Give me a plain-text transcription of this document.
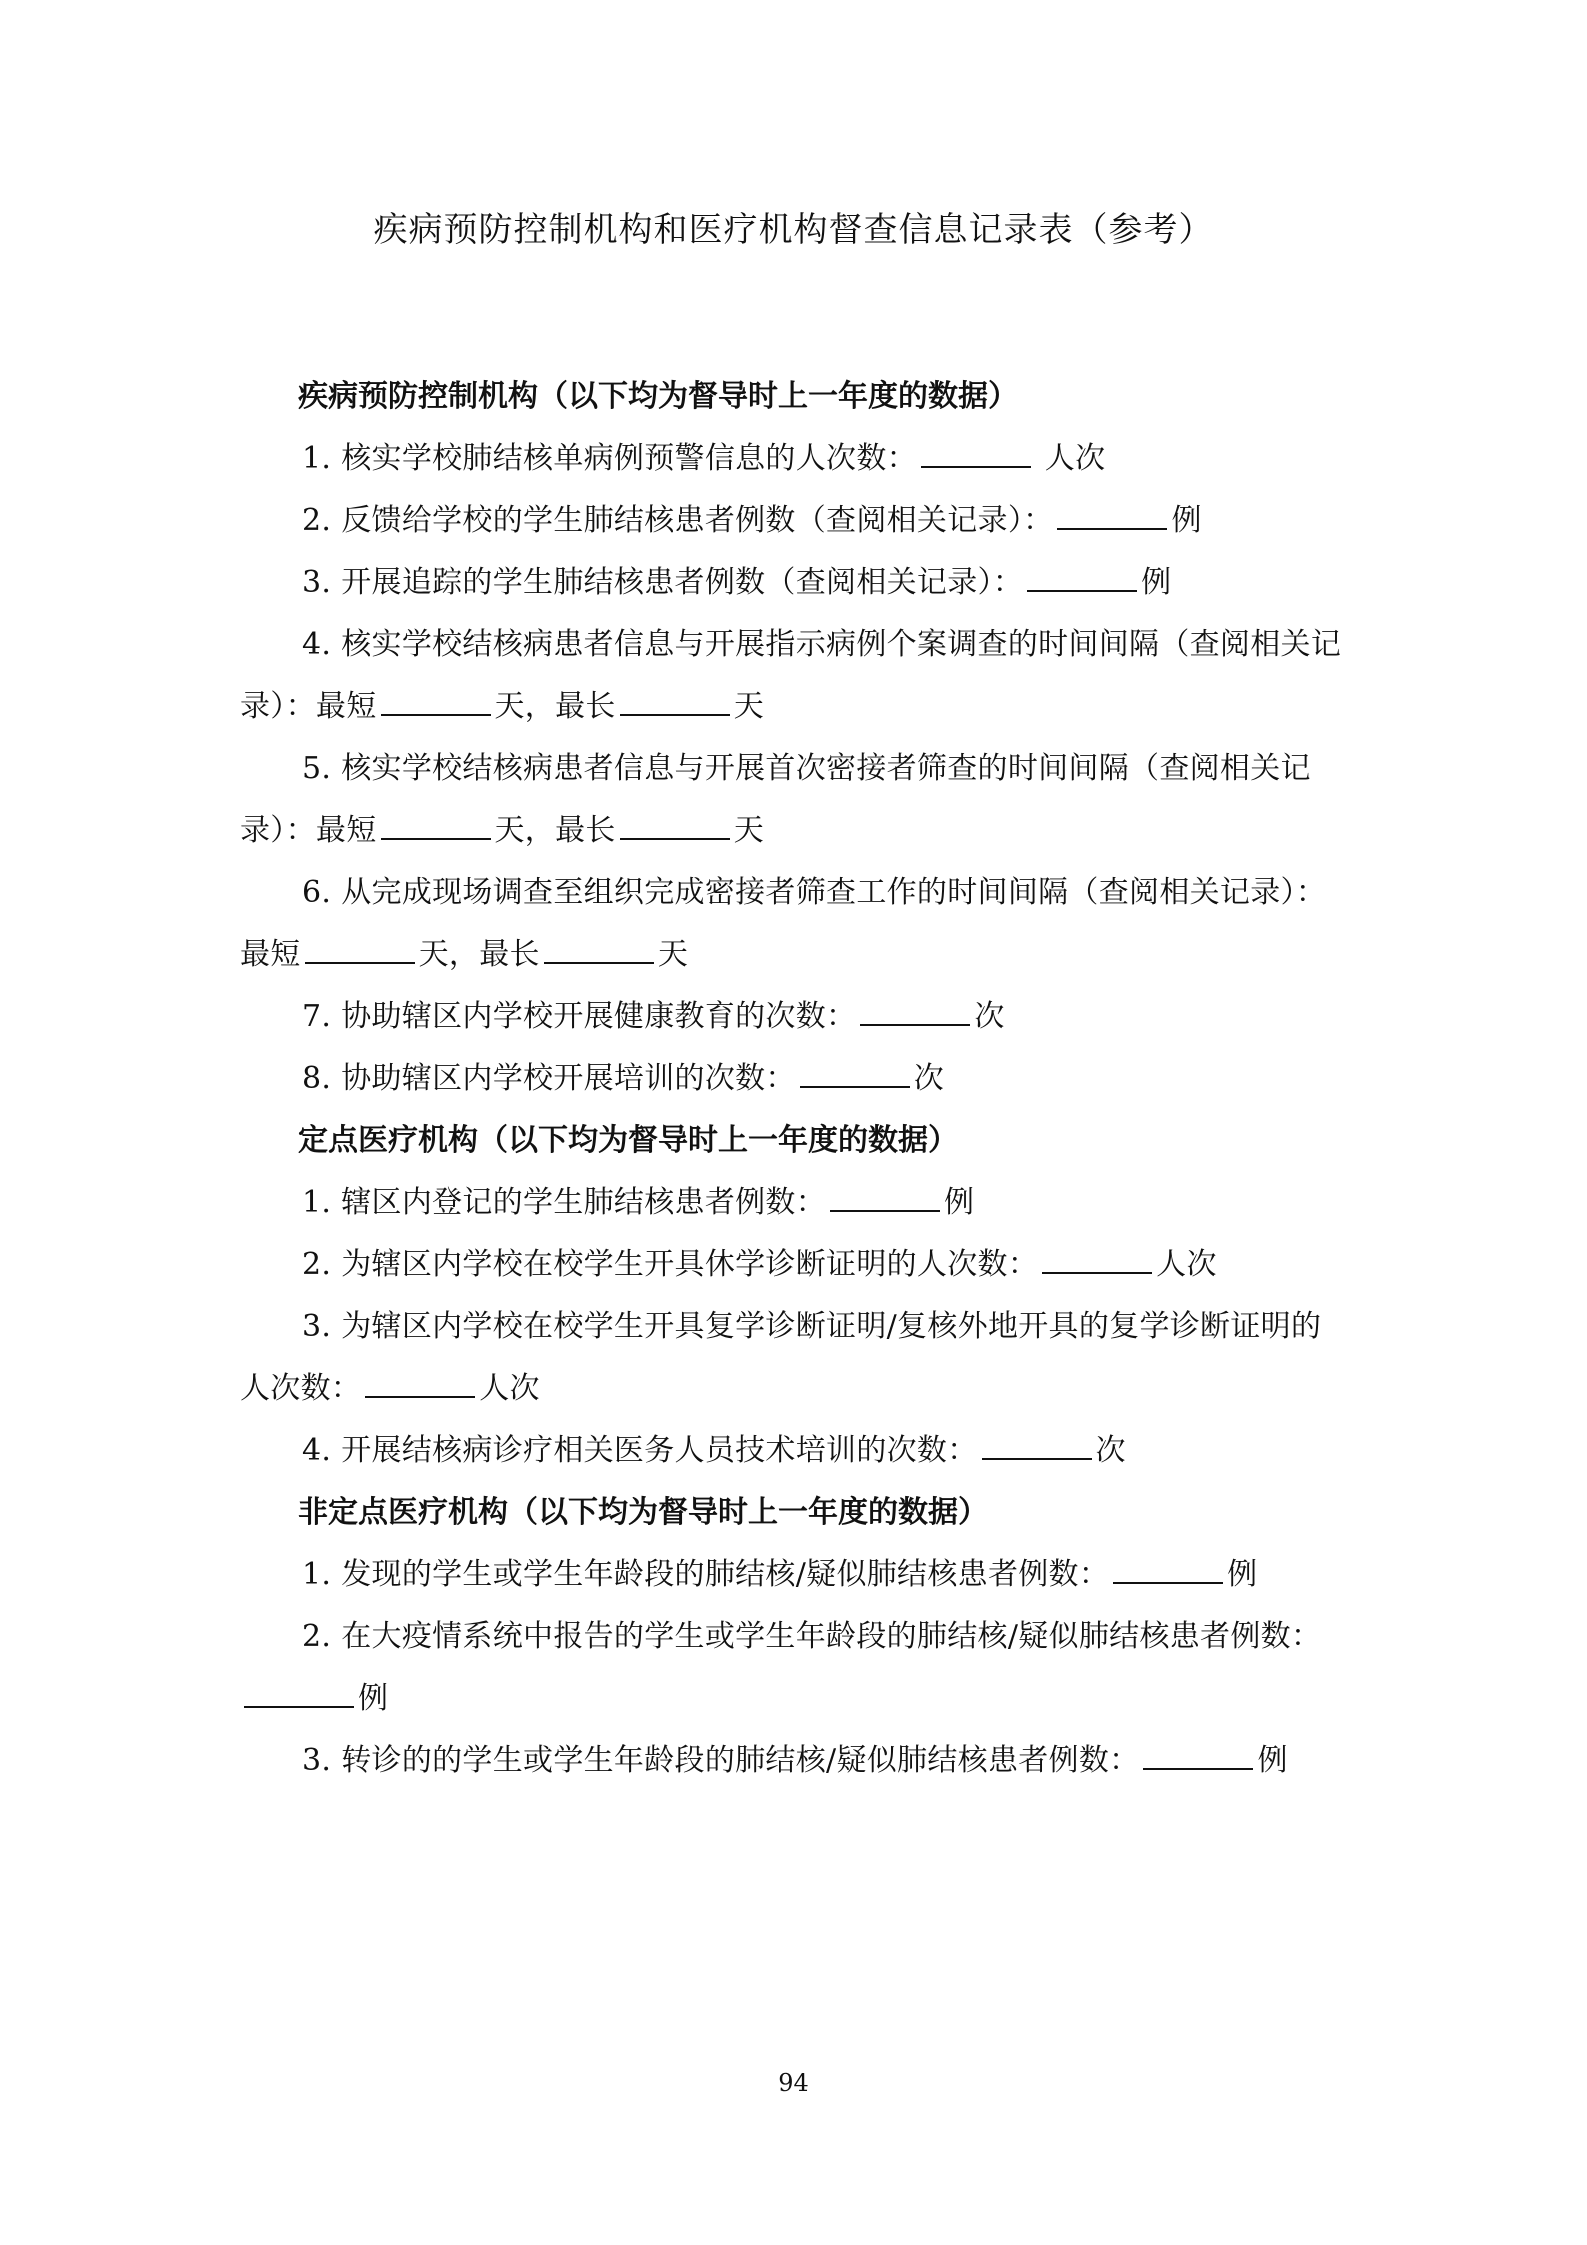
疾病预防控制机构和医疗机构督查信息记录表（参考）
疾病预防控制机构（以下均为督导时上一年度的数据）
1. 核实学校肺结核单病例预警信息的人次数：	人次
2. 反馈给学校的学生肺结核患者例数（查阅相关记录）：	例
3. 开展追踪的学生肺结核患者例数（查阅相关记录）：	例
4. 核实学校结核病患者信息与开展指示病例个案调查的时间间隔（查阅相关记录）：最短	天，最长	天
5. 核实学校结核病患者信息与开展首次密接者筛查的时间间隔（查阅相关记录）：最短	天，最长	天
6. 从完成现场调查至组织完成密接者筛查工作的时间间隔（查阅相关记录）：最短	天，最长	天
7. 协助辖区内学校开展健康教育的次数：	次
8. 协助辖区内学校开展培训的次数：	次
定点医疗机构（以下均为督导时上一年度的数据）
1. 辖区内登记的学生肺结核患者例数：	例
2. 为辖区内学校在校学生开具休学诊断证明的人次数：	人次
3. 为辖区内学校在校学生开具复学诊断证明/复核外地开具的复学诊断证明的人次数：	人次
4. 开展结核病诊疗相关医务人员技术培训的次数：	次
非定点医疗机构（以下均为督导时上一年度的数据）
1. 发现的学生或学生年龄段的肺结核/疑似肺结核患者例数：	例
2. 在大疫情系统中报告的学生或学生年龄段的肺结核/疑似肺结核患者例数：例
3. 转诊的的学生或学生年龄段的肺结核/疑似肺结核患者例数：	例
94
